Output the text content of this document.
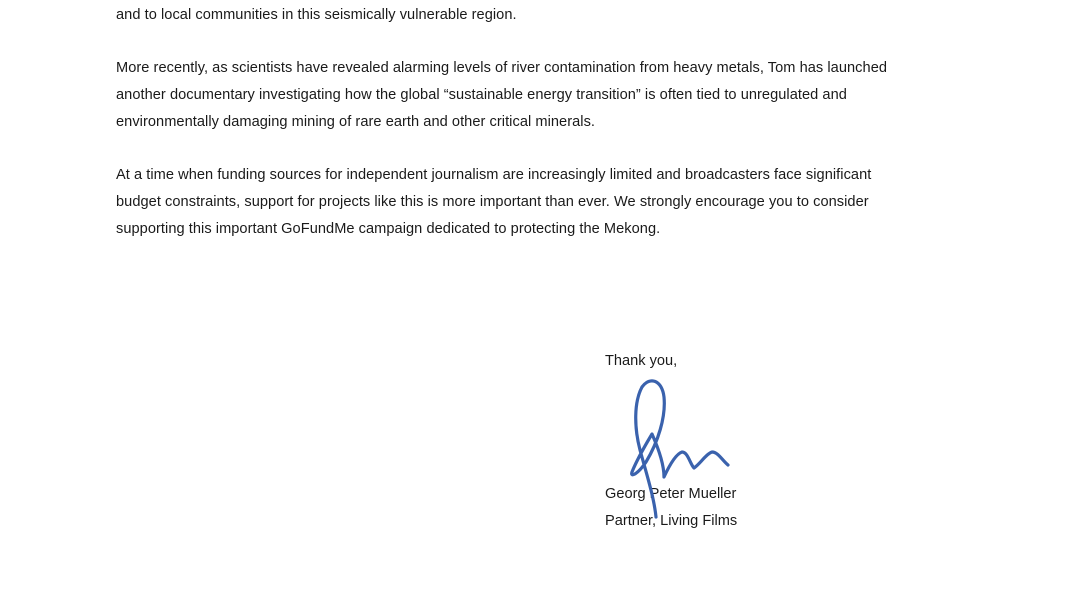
and to local communities in this seismically vulnerable region.

More recently, as scientists have revealed alarming levels of river contamination from heavy metals, Tom has launched
another documentary investigating how the global “sustainable energy transition” is often tied to unregulated and
environmentally damaging mining of rare earth and other critical minerals.

At a time when funding sources for independent journalism are increasingly limited and broadcasters face significant
budget constraints, support for projects like this is more important than ever. We strongly encourage you to consider
supporting this important GoFundMe campaign dedicated to protecting the Mekong.

Thank you,
Georg Peter Mueller
Partner, Living Films
